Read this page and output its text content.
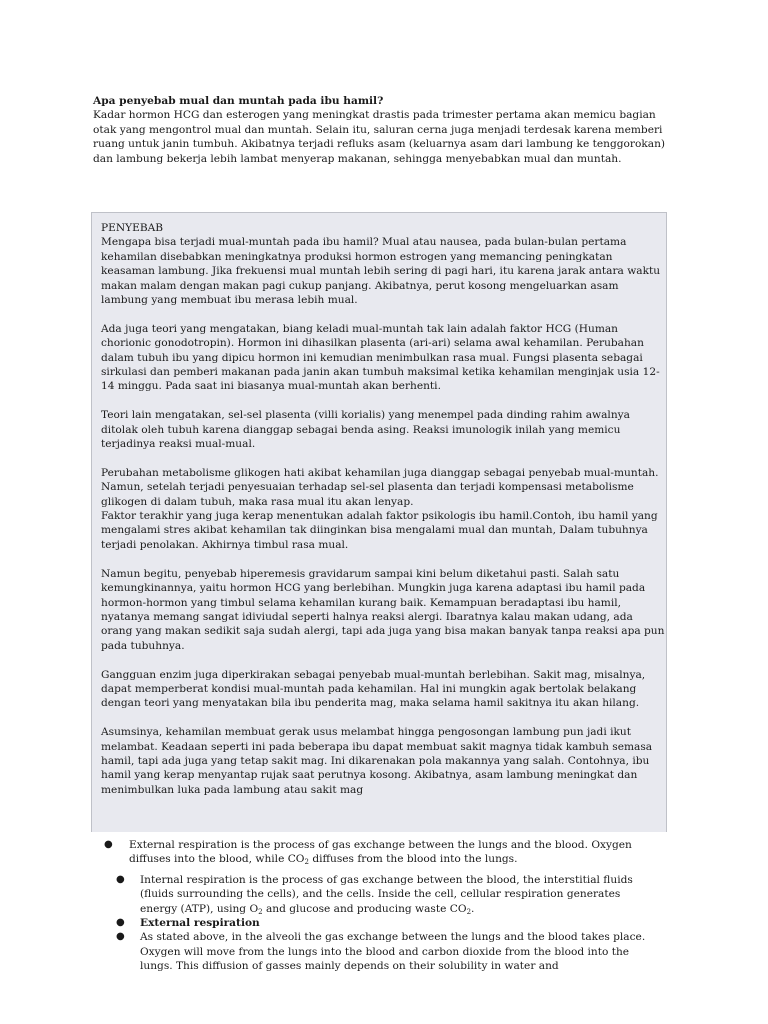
Apa penyebab mual dan muntah pada ibu hamil?

Kadar hormon HCG dan esterogen yang meningkat drastis pada trimester pertama akan memicu bagian otak yang mengontrol mual dan muntah. Selain itu, saluran cerna juga menjadi terdesak karena memberi ruang untuk janin tumbuh. Akibatnya terjadi refluks asam (keluarnya asam dari lambung ke tenggorokan) dan lambung bekerja lebih lambat menyerap makanan, sehingga menyebabkan mual dan muntah.

PENYEBAB

Mengapa bisa terjadi mual-muntah pada ibu hamil? Mual atau nausea, pada bulan-bulan pertama kehamilan disebabkan meningkatnya produksi hormon estrogen yang memancing peningkatan keasaman lambung. Jika frekuensi mual muntah lebih sering di pagi hari, itu karena jarak antara waktu makan malam dengan makan pagi cukup panjang. Akibatnya, perut kosong mengeluarkan asam lambung yang membuat ibu merasa lebih mual.

Ada juga teori yang mengatakan, biang keladi mual-muntah tak lain adalah faktor HCG (Human chorionic gonodotropin). Hormon ini dihasilkan plasenta (ari-ari) selama awal kehamilan. Perubahan dalam tubuh ibu yang dipicu hormon ini kemudian menimbulkan rasa mual. Fungsi plasenta sebagai sirkulasi dan pemberi makanan pada janin akan tumbuh maksimal ketika kehamilan menginjak usia 12-14 minggu. Pada saat ini biasanya mual-muntah akan berhenti.

Teori lain mengatakan, sel-sel plasenta (villi korialis) yang menempel pada dinding rahim awalnya ditolak oleh tubuh karena dianggap sebagai benda asing. Reaksi imunologik inilah yang memicu terjadinya reaksi mual-mual.

Perubahan metabolisme glikogen hati akibat kehamilan juga dianggap sebagai penyebab mual-muntah. Namun, setelah terjadi penyesuaian terhadap sel-sel plasenta dan terjadi kompensasi metabolisme glikogen di dalam tubuh, maka rasa mual itu akan lenyap.

Faktor terakhir yang juga kerap menentukan adalah faktor psikologis ibu hamil.Contoh, ibu hamil yang mengalami stres akibat kehamilan tak diinginkan bisa mengalami mual dan muntah, Dalam tubuhnya terjadi penolakan. Akhirnya timbul rasa mual.

Namun begitu, penyebab hiperemesis gravidarum sampai kini belum diketahui pasti. Salah satu kemungkinannya, yaitu hormon HCG yang berlebihan. Mungkin juga karena adaptasi ibu hamil pada hormon-hormon yang timbul selama kehamilan kurang baik. Kemampuan beradaptasi ibu hamil, nyatanya memang sangat idiviudal seperti halnya reaksi alergi. Ibaratnya kalau makan udang, ada orang yang makan sedikit saja sudah alergi, tapi ada juga yang bisa makan banyak tanpa reaksi apa pun pada tubuhnya.

Gangguan enzim juga diperkirakan sebagai penyebab mual-muntah berlebihan. Sakit mag, misalnya, dapat memperberat kondisi mual-muntah pada kehamilan. Hal ini mungkin agak bertolak belakang dengan teori yang menyatakan bila ibu penderita mag, maka selama hamil sakitnya itu akan hilang.

Asumsinya, kehamilan membuat gerak usus melambat hingga pengosongan lambung pun jadi ikut melambat. Keadaan seperti ini pada beberapa ibu dapat membuat sakit magnya tidak kambuh semasa hamil, tapi ada juga yang tetap sakit mag. Ini dikarenakan pola makannya yang salah. Contohnya, ibu hamil yang kerap menyantap rujak saat perutnya kosong. Akibatnya, asam lambung meningkat dan menimbulkan luka pada lambung atau sakit mag

● External respiration is the process of gas exchange between the lungs and the blood. Oxygen diffuses into the blood, while $CO_2$ diffuses from the blood into the lungs.
● Internal respiration is the process of gas exchange between the blood, the interstitial fluids (fluids surrounding the cells), and the cells. Inside the cell, cellular respiration generates energy (ATP), using $O_2$ and glucose and producing waste $CO_2$.
● External respiration
● As stated above, in the alveoli the gas exchange between the lungs and the blood takes place. Oxygen will move from the lungs into the blood and carbon dioxide from the blood into the lungs. This diffusion of gasses mainly depends on their solubility in water and
